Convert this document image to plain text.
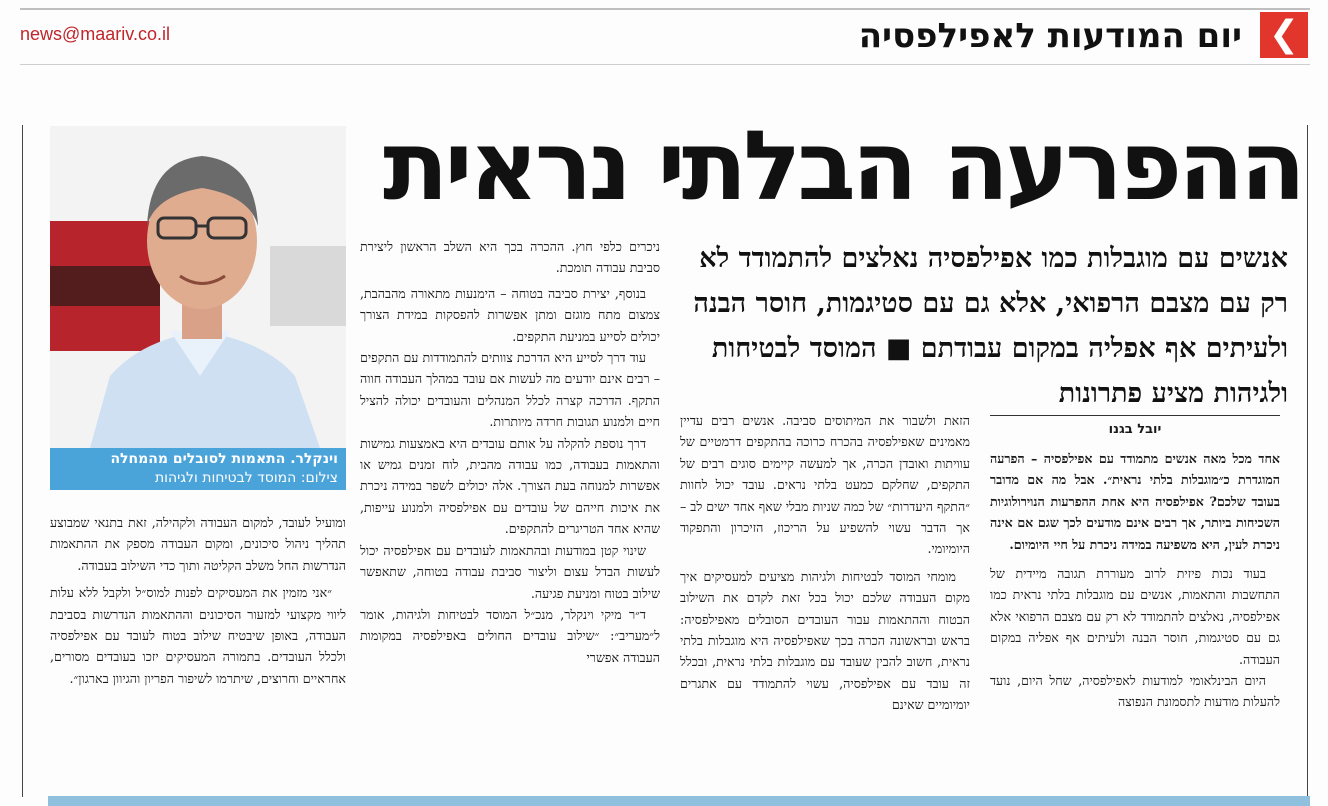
news@maariv.co.il	יום המודעות לאפילפסיה ❮
ההפרעה הבלתי נראית
אנשים עם מוגבלות כמו אפילפסיה נאלצים להתמודד לא רק עם מצבם הרפואי, אלא גם עם סטיגמות, חוסר הבנה ולעיתים אף אפליה במקום עבודתם ■ המוסד לבטיחות ולגיהות מציע פתרונות
וינקלר. התאמות לסובלים מהמחלה
צילום: המוסד לבטיחות ולגיהות
יובל בגנו

אחד מכל מאה אנשים מתמודד עם אפילפסיה – הפרעה המוגדרת כ״מוגבלות בלתי נראית״. אבל מה אם מדובר בעובד שלכם? אפילפסיה היא אחת ההפרעות הנוירולוגיות השכיחות ביותר, אך רבים אינם מודעים לכך שגם אם אינה ניכרת לעין, היא משפיעה במידה ניכרת על חיי היומיום.

בעוד נכות פיזית לרוב מעוררת תגובה מיידית של התחשבות והתאמות, אנשים עם מוגבלות בלתי נראית כמו אפילפסיה, נאלצים להתמודד לא רק עם מצבם הרפואי אלא גם עם סטיגמות, חוסר הבנה ולעיתים אף אפליה במקום העבודה.

היום הבינלאומי למודעות לאפילפסיה, שחל היום, נועד להעלות מודעות לתסמונת הנפוצה

הזאת ולשבור את המיתוסים סביבה. אנשים רבים עדיין מאמינים שאפילפסיה בהכרח כרוכה בהתקפים דרמטיים של עוויתות ואובדן הכרה, אך למעשה קיימים סוגים רבים של התקפים, שחלקם כמעט בלתי נראים. עובד יכול לחוות ״התקף היעדרות״ של כמה שניות מבלי שאף אחד ישים לב – אך הדבר עשוי להשפיע על הריכוז, הזיכרון והתפקוד היומיומי.

מומחי המוסד לבטיחות ולגיהות מציעים למעסיקים איך מקום העבודה שלכם יכול בכל זאת לקדם את השילוב הבטוח וההתאמות עבור העובדים הסובלים מאפילפסיה: בראש ובראשונה הכרה בכך שאפילפסיה היא מוגבלות בלתי נראית, חשוב להבין שעובד עם מוגבלות בלתי נראית, ובכלל זה עובד עם אפילפסיה, עשוי להתמודד עם אתגרים יומיומיים שאינם

ניכרים כלפי חוץ. ההכרה בכך היא השלב הראשון ליצירת סביבת עבודה תומכת.

בנוסף, יצירת סביבה בטוחה – הימנעות מתאורה מהבהבת, צמצום מתח מוגזם ומתן אפשרות להפסקות במידת הצורך יכולים לסייע במניעת התקפים.

עוד דרך לסייע היא הדרכת צוותים להתמודדות עם התקפים – רבים אינם יודעים מה לעשות אם עובד במהלך העבודה חווה התקף. הדרכה קצרה לכלל המנהלים והעובדים יכולה להציל חיים ולמנוע תגובות חרדה מיותרות.

דרך נוספת להקלה על אותם עובדים היא באמצעות גמישות והתאמות בעבודה, כמו עבודה מהבית, לוח זמנים גמיש או אפשרות למנוחה בעת הצורך. אלה יכולים לשפר במידה ניכרת את איכות חייהם של עובדים עם אפילפסיה ולמנוע עייפות, שהיא אחד הטריגרים להתקפים.

שינוי קטן במודעות ובהתאמות לעובדים עם אפילפסיה יכול לעשות הבדל עצום וליצור סביבת עבודה בטוחה, שתאפשר שילוב בטוח ומניעת פגיעה.

ד״ר מיקי וינקלר, מנכ״ל המוסד לבטיחות ולגיהות, אומר ל״מעריב״: ״שילוב עובדים החולים באפילפסיה במקומות העבודה אפשרי

ומועיל לעובד, למקום העבודה ולקהילה, זאת בתנאי שמבוצע תהליך ניהול סיכונים, ומקום העבודה מספק את ההתאמות הנדרשות החל משלב הקליטה ותוך כדי השילוב בעבודה.

״אני מזמין את המעסיקים לפנות למוס״ל ולקבל ללא עלות ליווי מקצועי למזעור הסיכונים וההתאמות הנדרשות בסביבת העבודה, באופן שיבטיח שילוב בטוח לעובד עם אפילפסיה ולכלל העובדים. בתמורה המעסיקים יזכו בעובדים מסורים, אחראיים וחרוצים, שיתרמו לשיפור הפריון והגיוון בארגון״.
